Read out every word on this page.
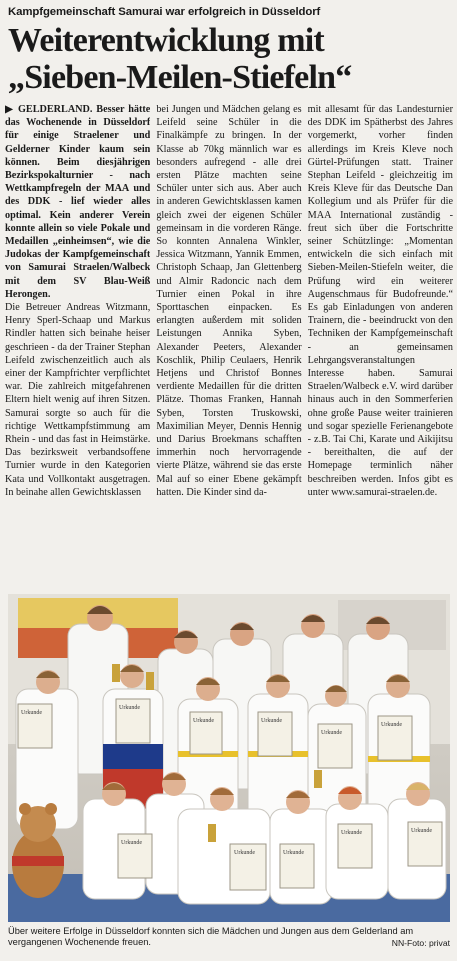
Kampfgemeinschaft Samurai war erfolgreich in Düsseldorf
Weiterentwicklung mit
„Sieben-Meilen-Stiefeln“

▶ GELDERLAND. Besser hätte das Wochenende in Düsseldorf für einige Straelener und Gelderner Kinder kaum sein können. Beim diesjährigen Bezirkspokalturnier - nach Wettkampfregeln der MAA und des DDK - lief wieder alles optimal. Kein anderer Verein konnte allein so viele Pokale und Medaillen „einheimsen“, wie die Judokas der Kampfgemeinschaft von Samurai Straelen/Walbeck mit dem SV Blau-Weiß Herongen.

Die Betreuer Andreas Witzmann, Henry Sperl-Schaap und Markus Rindler hatten sich beinahe heiser geschrieen - da der Trainer Stephan Leifeld zwischenzeitlich auch als einer der Kampfrichter verpflichtet war. Die zahlreich mitgefahrenen Eltern hielt wenig auf ihren Sitzen. Samurai sorgte so auch für die richtige Wettkampfstimmung am Rhein - und das fast in Heimstärke. Das bezirksweit verbandsoffene Turnier wurde in den Kategorien Kata und Vollkontakt ausgetragen. In beinahe allen Gewichtsklassen

bei Jungen und Mädchen gelang es Leifeld seine Schüler in die Finalkämpfe zu bringen. In der Klasse ab 70kg männlich war es besonders aufregend - alle drei ersten Plätze machten seine Schüler unter sich aus. Aber auch in anderen Gewichtsklassen kamen gleich zwei der eigenen Schüler gemeinsam in die vorderen Ränge. So konnten Annalena Winkler, Jessica Witzmann, Yannik Emmen, Christoph Schaap, Jan Glettenberg und Almir Radoncic nach dem Turnier einen Pokal in ihre Sporttaschen einpacken. Es erlangten außerdem mit soliden Leistungen Annika Syben, Alexander Peeters, Alexander Koschlik, Philip Ceulaers, Henrik Hetjens und Christof Bonnes verdiente Medaillen für die dritten Plätze. Thomas Franken, Hannah Syben, Torsten Truskowski, Maximilian Meyer, Dennis Hennig und Darius Broekmans schafften immerhin noch hervorragende vierte Plätze, während sie das erste Mal auf so einer Ebene gekämpft hatten. Die Kinder sind da-

mit allesamt für das Landesturnier des DDK im Spätherbst des Jahres vorgemerkt, vorher finden allerdings im Kreis Kleve noch Gürtel-Prüfungen statt. Trainer Stephan Leifeld - gleichzeitig im Kreis Kleve für das Deutsche Dan Kollegium und als Prüfer für die MAA International zuständig - freut sich über die Fortschritte seiner Schützlinge: „Momentan entwickeln die sich einfach mit Sieben-Meilen-Stiefeln weiter, die Prüfung wird ein weiterer Augenschmaus für Budofreunde.“ Es gab Einladungen von anderen Trainern, die - beeindruckt von den Techniken der Kampfgemeinschaft - an gemeinsamen Lehrgangsveranstaltungen Interesse haben. Samurai Straelen/Walbeck e.V. wird darüber hinaus auch in den Sommerferien ohne große Pause weiter trainieren und sogar spezielle Ferienangebote - z.B. Tai Chi, Karate und Aikijitsu - bereithalten, die auf der Homepage terminlich näher beschreiben werden. Infos gibt es unter www.samurai-straelen.de.

Urkunde
Urkunde
Urkunde	Urkunde
Urkunde
Urkunde
Urkunde
Urkunde	Urkunde
Urkunde	Urkunde
Über weitere Erfolge in Düsseldorf konnten sich die Mädchen und Jungen aus dem Gelderland am vergangenen Wochenende freuen.	NN-Foto: privat
